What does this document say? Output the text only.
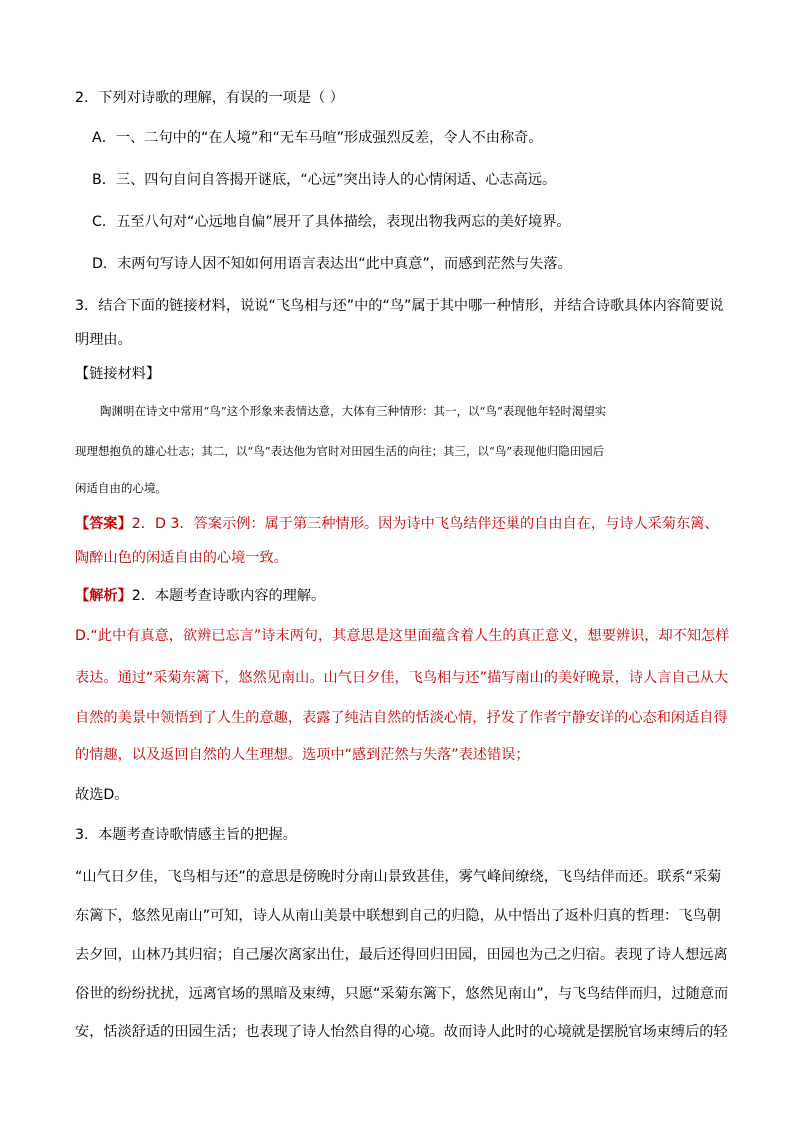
2．下列对诗歌的理解，有误的一项是（ ）
A．一、二句中的“在人境”和“无车马喧”形成强烈反差，令人不由称奇。
B．三、四句自问自答揭开谜底，“心远”突出诗人的心情闲适、心志高远。
C．五至八句对“心远地自偏”展开了具体描绘，表现出物我两忘的美好境界。
D．末两句写诗人因不知如何用语言表达出“此中真意”，而感到茫然与失落。
3．结合下面的链接材料，说说“飞鸟相与还”中的“鸟”属于其中哪一种情形，并结合诗歌具体内容简要说
明理由。
【链接材料】
陶渊明在诗文中常用“鸟”这个形象来表情达意，大体有三种情形：其一，以“鸟”表现他年轻时渴望实
现理想抱负的雄心壮志；其二，以“鸟”表达他为官时对田园生活的向往；其三，以“鸟”表现他归隐田园后
闲适自由的心境。
【答案】2．D 3．答案示例：属于第三种情形。因为诗中飞鸟结伴还巢的自由自在，与诗人采菊东篱、
陶醉山色的闲适自由的心境一致。
【解析】2．本题考查诗歌内容的理解。
D.“此中有真意，欲辨已忘言”诗末两句，其意思是这里面蕴含着人生的真正意义，想要辨识，却不知怎样
表达。通过“采菊东篱下，悠然见南山。山气日夕佳，飞鸟相与还”描写南山的美好晚景，诗人言自己从大
自然的美景中领悟到了人生的意趣，表露了纯洁自然的恬淡心情，抒发了作者宁静安详的心态和闲适自得
的情趣，以及返回自然的人生理想。选项中“感到茫然与失落”表述错误；
故选D。
3．本题考查诗歌情感主旨的把握。
“山气日夕佳，飞鸟相与还”的意思是傍晚时分南山景致甚佳，雾气峰间缭绕，飞鸟结伴而还。联系“采菊
东篱下，悠然见南山”可知，诗人从南山美景中联想到自己的归隐，从中悟出了返朴归真的哲理：飞鸟朝
去夕回，山林乃其归宿；自己屡次离家出仕，最后还得回归田园，田园也为己之归宿。表现了诗人想远离
俗世的纷纷扰扰，远离官场的黑暗及束缚，只愿“采菊东篱下，悠然见南山”，与飞鸟结伴而归，过随意而
安，恬淡舒适的田园生活；也表现了诗人怡然自得的心境。故而诗人此时的心境就是摆脱官场束缚后的轻
